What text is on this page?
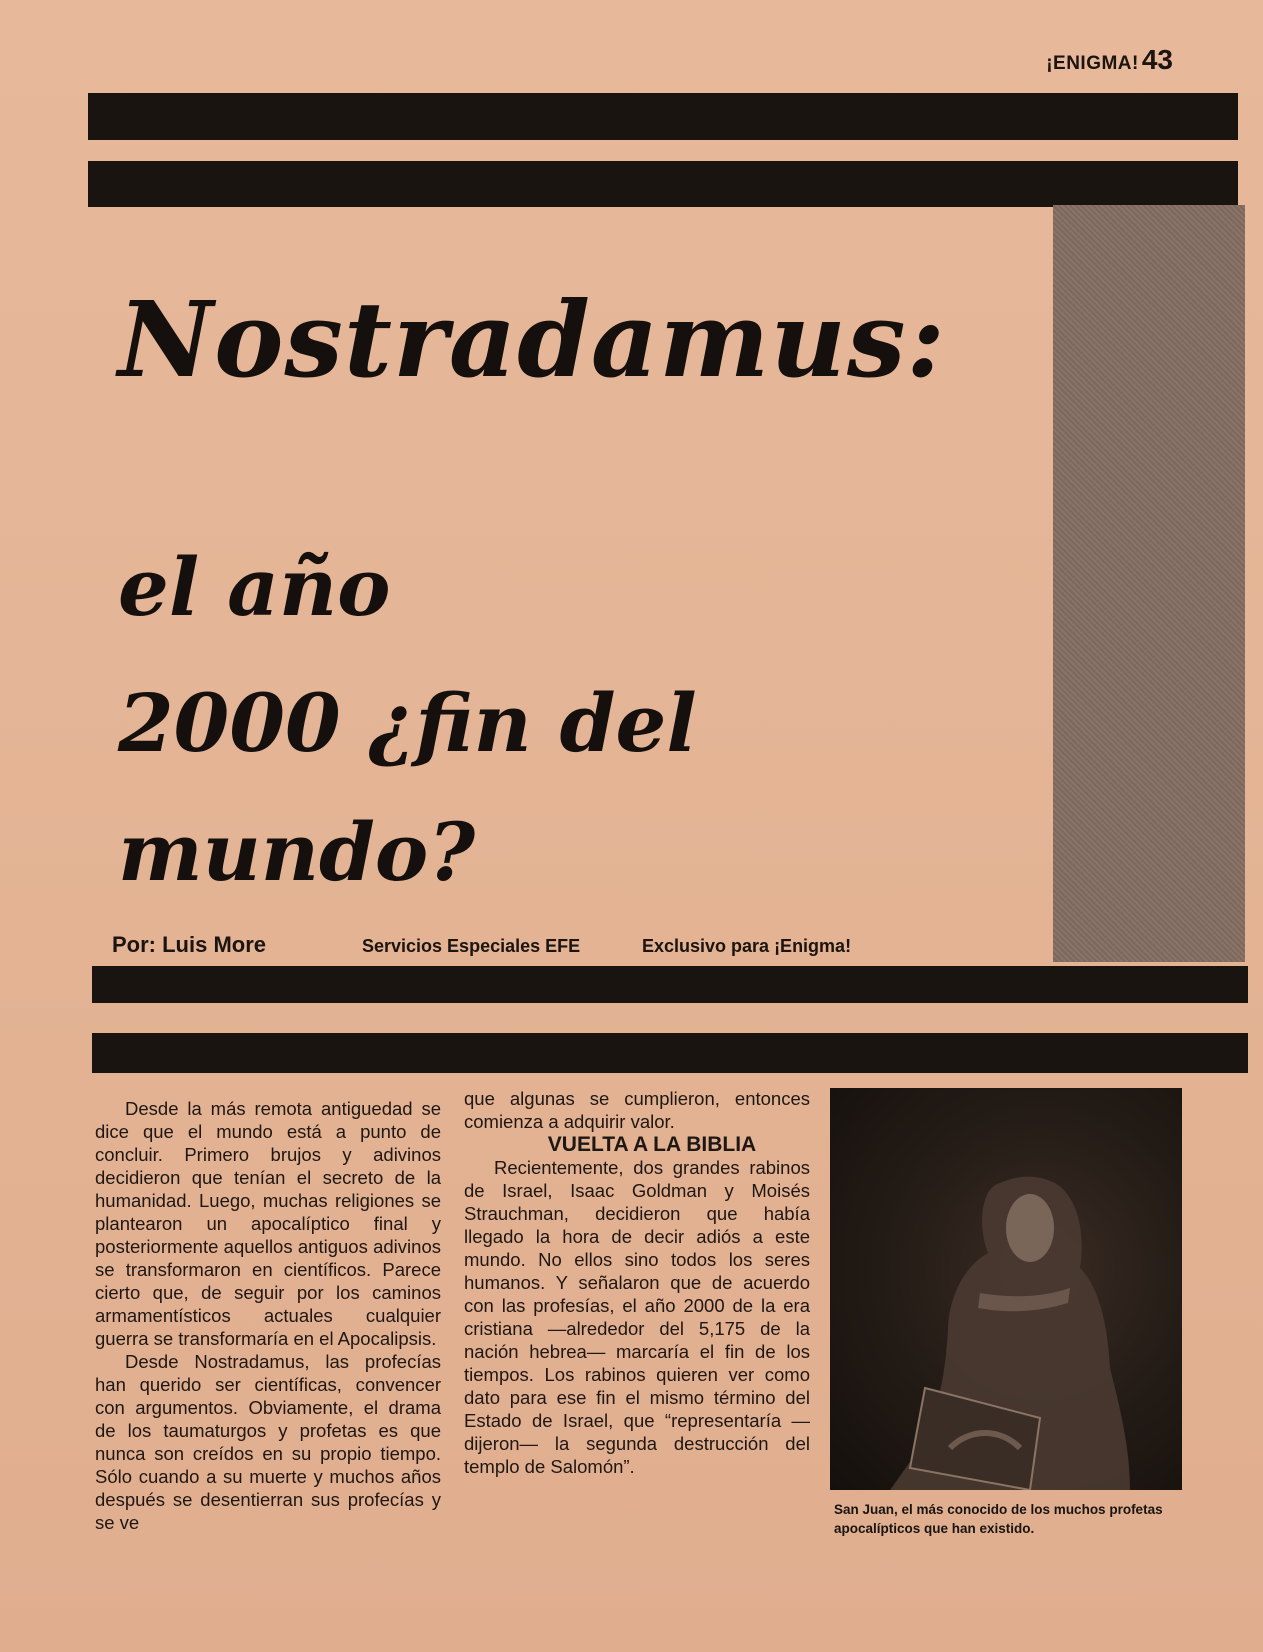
¡ENIGMA! 43
Nostradamus:
el año
2000 ¿fin del
mundo?
Por: Luis More	Servicios Especiales EFE	Exclusivo para ¡Enigma!

Desde la más remota antiguedad se dice que el mundo está a punto de concluir. Primero brujos y adivinos decidieron que tenían el secreto de la humanidad. Luego, muchas religiones se plantearon un apocalíptico final y posteriormente aquellos antiguos adivinos se transformaron en científicos. Parece cierto que, de seguir por los caminos armamentísticos actuales cualquier guerra se transformaría en el Apocalipsis.

Desde Nostradamus, las profecías han querido ser científicas, convencer con argumentos. Obviamente, el drama de los taumaturgos y profetas es que nunca son creídos en su propio tiempo. Sólo cuando a su muerte y muchos años después se desentierran sus profecías y se ve

que algunas se cumplieron, entonces comienza a adquirir valor.

VUELTA A LA BIBLIA

Recientemente, dos grandes rabinos de Israel, Isaac Goldman y Moisés Strauchman, decidieron que había llegado la hora de decir adiós a este mundo. No ellos sino todos los seres humanos. Y señalaron que de acuerdo con las profesías, el año 2000 de la era cristiana —alrededor del 5,175 de la nación hebrea— marcaría el fin de los tiempos. Los rabinos quieren ver como dato para ese fin el mismo término del Estado de Israel, que “representaría —dijeron— la segunda destrucción del templo de Salomón”.

San Juan, el más conocido de los muchos profetas apocalípticos que han existido.
